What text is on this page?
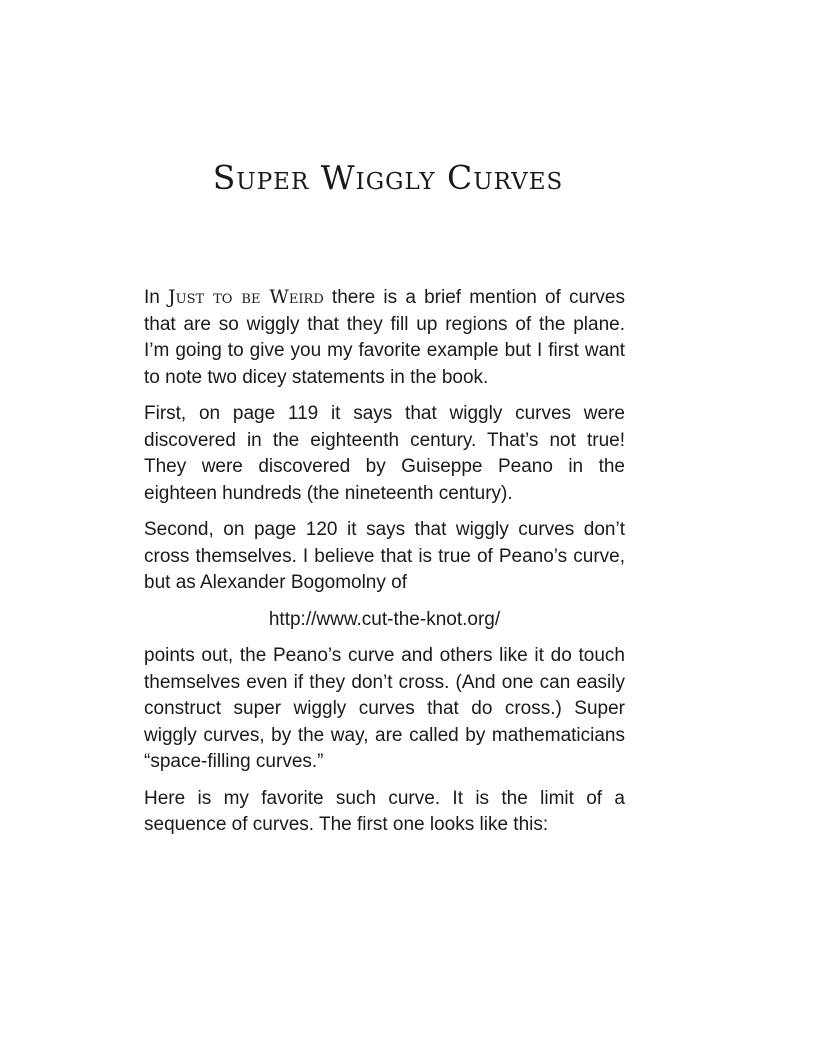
Super Wiggly Curves

In Just to be Weird there is a brief mention of curves that are so wiggly that they fill up regions of the plane. I’m going to give you my favorite example but I first want to note two dicey statements in the book.

First, on page 119 it says that wiggly curves were discovered in the eighteenth century. That’s not true! They were discovered by Guiseppe Peano in the eighteen hundreds (the nineteenth century).

Second, on page 120 it says that wiggly curves don’t cross themselves. I believe that is true of Peano’s curve, but as Alexander Bogomolny of

http://www.cut-the-knot.org/

points out, the Peano’s curve and others like it do touch themselves even if they don’t cross. (And one can easily construct super wiggly curves that do cross.) Super wiggly curves, by the way, are called by mathematicians “space-filling curves.”

Here is my favorite such curve. It is the limit of a sequence of curves. The first one looks like this:
